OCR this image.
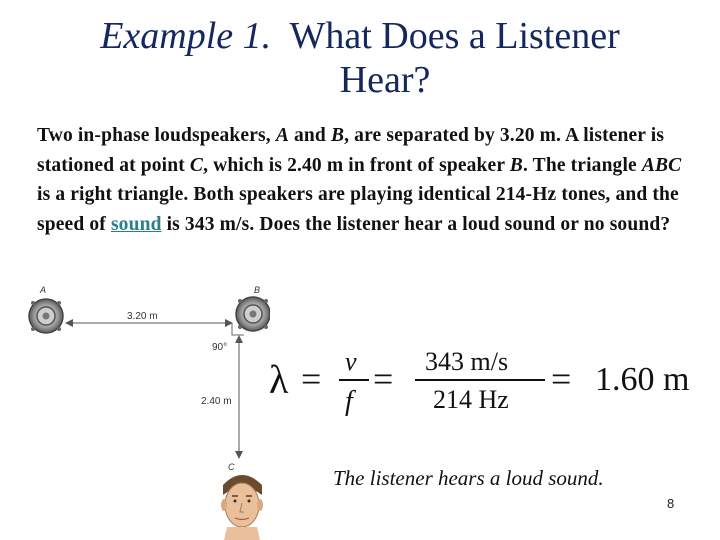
Example 1. What Does a Listener
Hear?
Two in-phase loudspeakers, A and B, are separated by 3.20 m. A listener is stationed at point C, which is 2.40 m in front of speaker B. The triangle ABC is a right triangle. Both speakers are playing identical 214-Hz tones, and the speed of sound is 343 m/s. Does the listener hear a loud sound or no sound?
A	B
3.20 m
90°
2.40 m
C
λ = v
f
= 343 m/s
214 Hz
= 1.60 m
The listener hears a loud sound.
8
